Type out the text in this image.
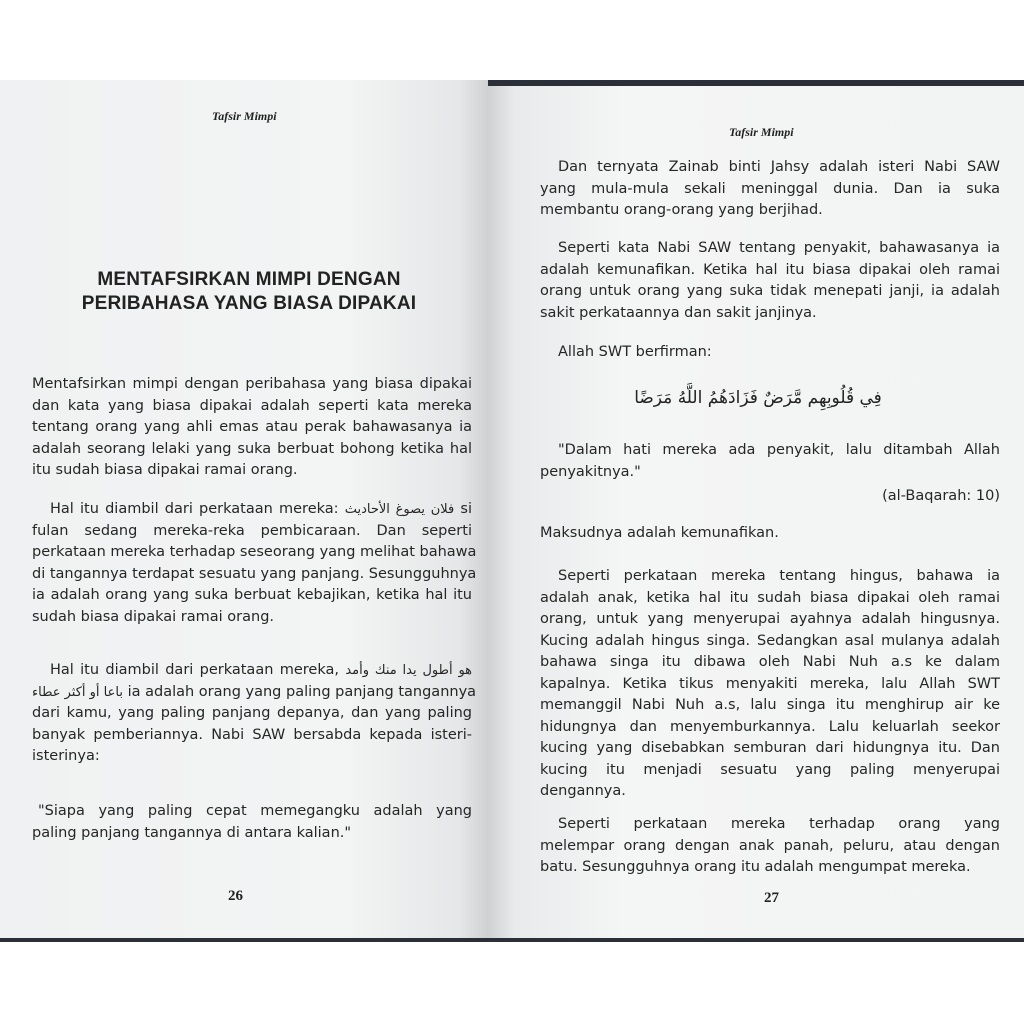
Tafsir Mimpi
MENTAFSIRKAN MIMPI DENGAN
PERIBAHASA YANG BIASA DIPAKAI
Mentafsirkan mimpi dengan peribahasa yang biasa dipakai
dan kata yang biasa dipakai adalah seperti kata mereka
tentang orang yang ahli emas atau perak bahawasanya ia
adalah seorang lelaki yang suka berbuat bohong ketika hal
itu sudah biasa dipakai ramai orang.
Hal itu diambil dari perkataan mereka: فلان يصوغ الأحاديث si
fulan sedang mereka-reka pembicaraan. Dan seperti
perkataan mereka terhadap seseorang yang melihat bahawa
di tangannya terdapat sesuatu yang panjang. Sesungguhnya
ia adalah orang yang suka berbuat kebajikan, ketika hal itu
sudah biasa dipakai ramai orang.
Hal itu diambil dari perkataan mereka, هو أطول يدا منك وأمد
باعا أو أكثر عطاء ia adalah orang yang paling panjang tangannya
dari kamu, yang paling panjang depanya, dan yang paling
banyak pemberiannya. Nabi SAW bersabda kepada isteri-
isterinya:
"Siapa yang paling cepat memegangku adalah yang
paling panjang tangannya di antara kalian."
26
Tafsir Mimpi
Dan ternyata Zainab binti Jahsy adalah isteri Nabi SAW
yang mula-mula sekali meninggal dunia. Dan ia suka
membantu orang-orang yang berjihad.
Seperti kata Nabi SAW tentang penyakit, bahawasanya ia
adalah kemunafikan. Ketika hal itu biasa dipakai oleh ramai
orang untuk orang yang suka tidak menepati janji, ia adalah
sakit perkataannya dan sakit janjinya.
Allah SWT berfirman:
فِي قُلُوبِهِم مَّرَضٌ فَزَادَهُمُ اللَّهُ مَرَضًا
"Dalam hati mereka ada penyakit, lalu ditambah Allah
penyakitnya."
(al-Baqarah: 10)
Maksudnya adalah kemunafikan.
Seperti perkataan mereka tentang hingus, bahawa ia
adalah anak, ketika hal itu sudah biasa dipakai oleh ramai
orang, untuk yang menyerupai ayahnya adalah hingusnya.
Kucing adalah hingus singa. Sedangkan asal mulanya adalah
bahawa singa itu dibawa oleh Nabi Nuh a.s ke dalam
kapalnya. Ketika tikus menyakiti mereka, lalu Allah SWT
memanggil Nabi Nuh a.s, lalu singa itu menghirup air ke
hidungnya dan menyemburkannya. Lalu keluarlah seekor
kucing yang disebabkan semburan dari hidungnya itu. Dan
kucing itu menjadi sesuatu yang paling menyerupai
dengannya.
Seperti perkataan mereka terhadap orang yang
melempar orang dengan anak panah, peluru, atau dengan
batu. Sesungguhnya orang itu adalah mengumpat mereka.
27
